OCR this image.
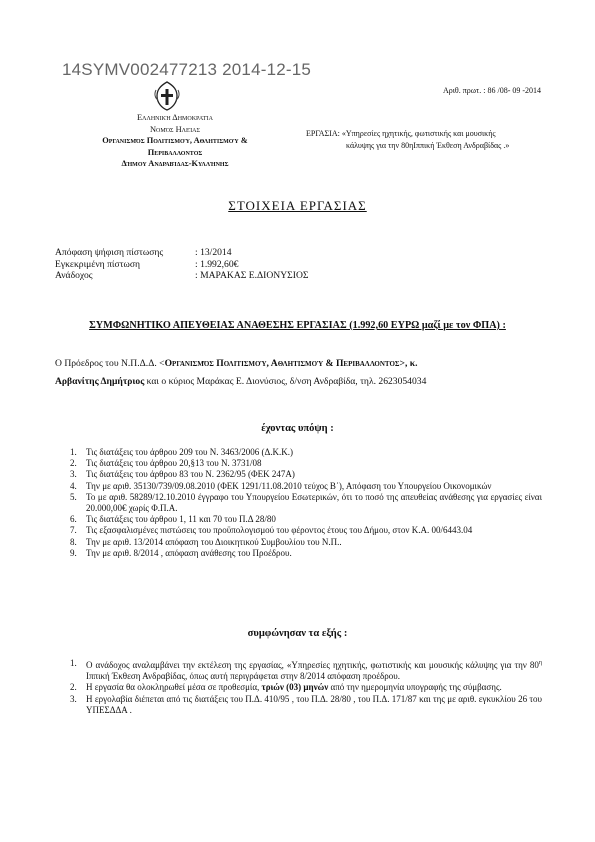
14SYMV002477213 2014-12-15
Αριθ. πρωτ. : 86 /08- 09 -2014
Ελληνική Δημοκρατία
Νομός Ηλείας
Οργανισμός Πολιτισμού, Αθλητισμού &
Περιβαλλοντος
Δήμου Ανδραβίδας-Κυλλήνης
ΕΡΓΑΣΙΑ: «Υπηρεσίες ηχητικής, φωτιστικής και μουσικής
κάλυψης για την 80ηΙππική Έκθεση Ανδραβίδας .»
ΣΤΟΙΧΕΙΑ ΕΡΓΑΣΙΑΣ
Απόφαση ψήφιση πίστωσης	: 13/2014
Εγκεκριμένη πίστωση	: 1.992,60€
Ανάδοχος	: ΜΑΡΑΚΑΣ Ε.ΔΙΟΝΥΣΙΟΣ
ΣΥΜΦΩΝΗΤΙΚΟ ΑΠΕΥΘΕΙΑΣ ΑΝΑΘΕΣΗΣ ΕΡΓΑΣΙΑΣ (1.992,60 ΕΥΡΩ μαζί με τον ΦΠΑ) :
Ο Πρόεδρος του Ν.Π.Δ.Δ. <Οργανισμός Πολιτισμού, Αθλητισμού & Περιβαλλοντος>, κ.
Αρβανίτης Δημήτριος και ο κύριος Μαράκας Ε. Διονύσιος, δ/νση Ανδραβίδα, τηλ. 2623054034
έχοντας υπόψη :
1. Τις διατάξεις του άρθρου 209 του Ν. 3463/2006 (Δ.Κ.Κ.)
2. Τις διατάξεις του άρθρου 20,§13 του Ν. 3731/08
3. Τις διατάξεις του άρθρου 83 του Ν. 2362/95 (ΦΕΚ 247Α)
4. Την με αριθ. 35130/739/09.08.2010 (ΦΕΚ 1291/11.08.2010 τεύχος Β΄), Απόφαση του Υπουργείου Οικονομικών
5. Το με αριθ. 58289/12.10.2010 έγγραφο του Υπουργείου Εσωτερικών, ότι το ποσό της απευθείας ανάθεσης για εργασίες είναι 20.000,00€ χωρίς Φ.Π.Α.
6. Τις διατάξεις του άρθρου 1, 11 και 70 του Π.Δ 28/80
7. Τις εξασφαλισμένες πιστώσεις του προϋπολογισμού του φέροντος έτους του Δήμου, στον Κ.Α. 00/6443.04
8. Την με αριθ. 13/2014 απόφαση του Διοικητικού Συμβουλίου του Ν.Π..
9. Την με αριθ. 8/2014 , απόφαση ανάθεσης του Προέδρου.
συμφώνησαν τα εξής :
1. Ο ανάδοχος αναλαμβάνει την εκτέλεση της εργασίας, «Υπηρεσίες ηχητικής, φωτιστικής και μουσικής κάλυψης για την $80^\eta$ Ιππική Έκθεση Ανδραβίδας, όπως αυτή περιγράφεται στην 8/2014 απόφαση προέδρου.
2. Η εργασία θα ολοκληρωθεί μέσα σε προθεσμία, τριών (03) μηνών από την ημερομηνία υπογραφής της σύμβασης.
3. Η εργολαβία διέπεται από τις διατάξεις του Π.Δ. 410/95 , του Π.Δ. 28/80 , του Π.Δ. 171/87 και της με αριθ. εγκυκλίου 26 του ΥΠΕΣΔΔΑ .
